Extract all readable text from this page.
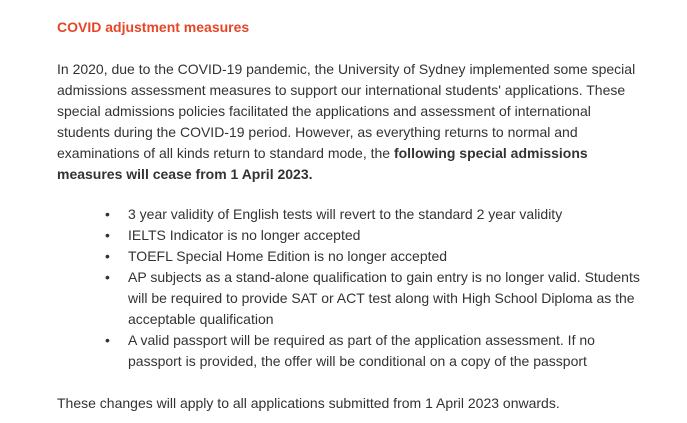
COVID adjustment measures

In 2020, due to the COVID-19 pandemic, the University of Sydney implemented some special admissions assessment measures to support our international students' applications. These special admissions policies facilitated the applications and assessment of international students during the COVID-19 period. However, as everything returns to normal and examinations of all kinds return to standard mode, the following special admissions measures will cease from 1 April 2023.

•	3 year validity of English tests will revert to the standard 2 year validity
•	IELTS Indicator is no longer accepted
•	TOEFL Special Home Edition is no longer accepted
•	AP subjects as a stand-alone qualification to gain entry is no longer valid. Students will be required to provide SAT or ACT test along with High School Diploma as the acceptable qualification
•	A valid passport will be required as part of the application assessment. If no passport is provided, the offer will be conditional on a copy of the passport

These changes will apply to all applications submitted from 1 April 2023 onwards.
